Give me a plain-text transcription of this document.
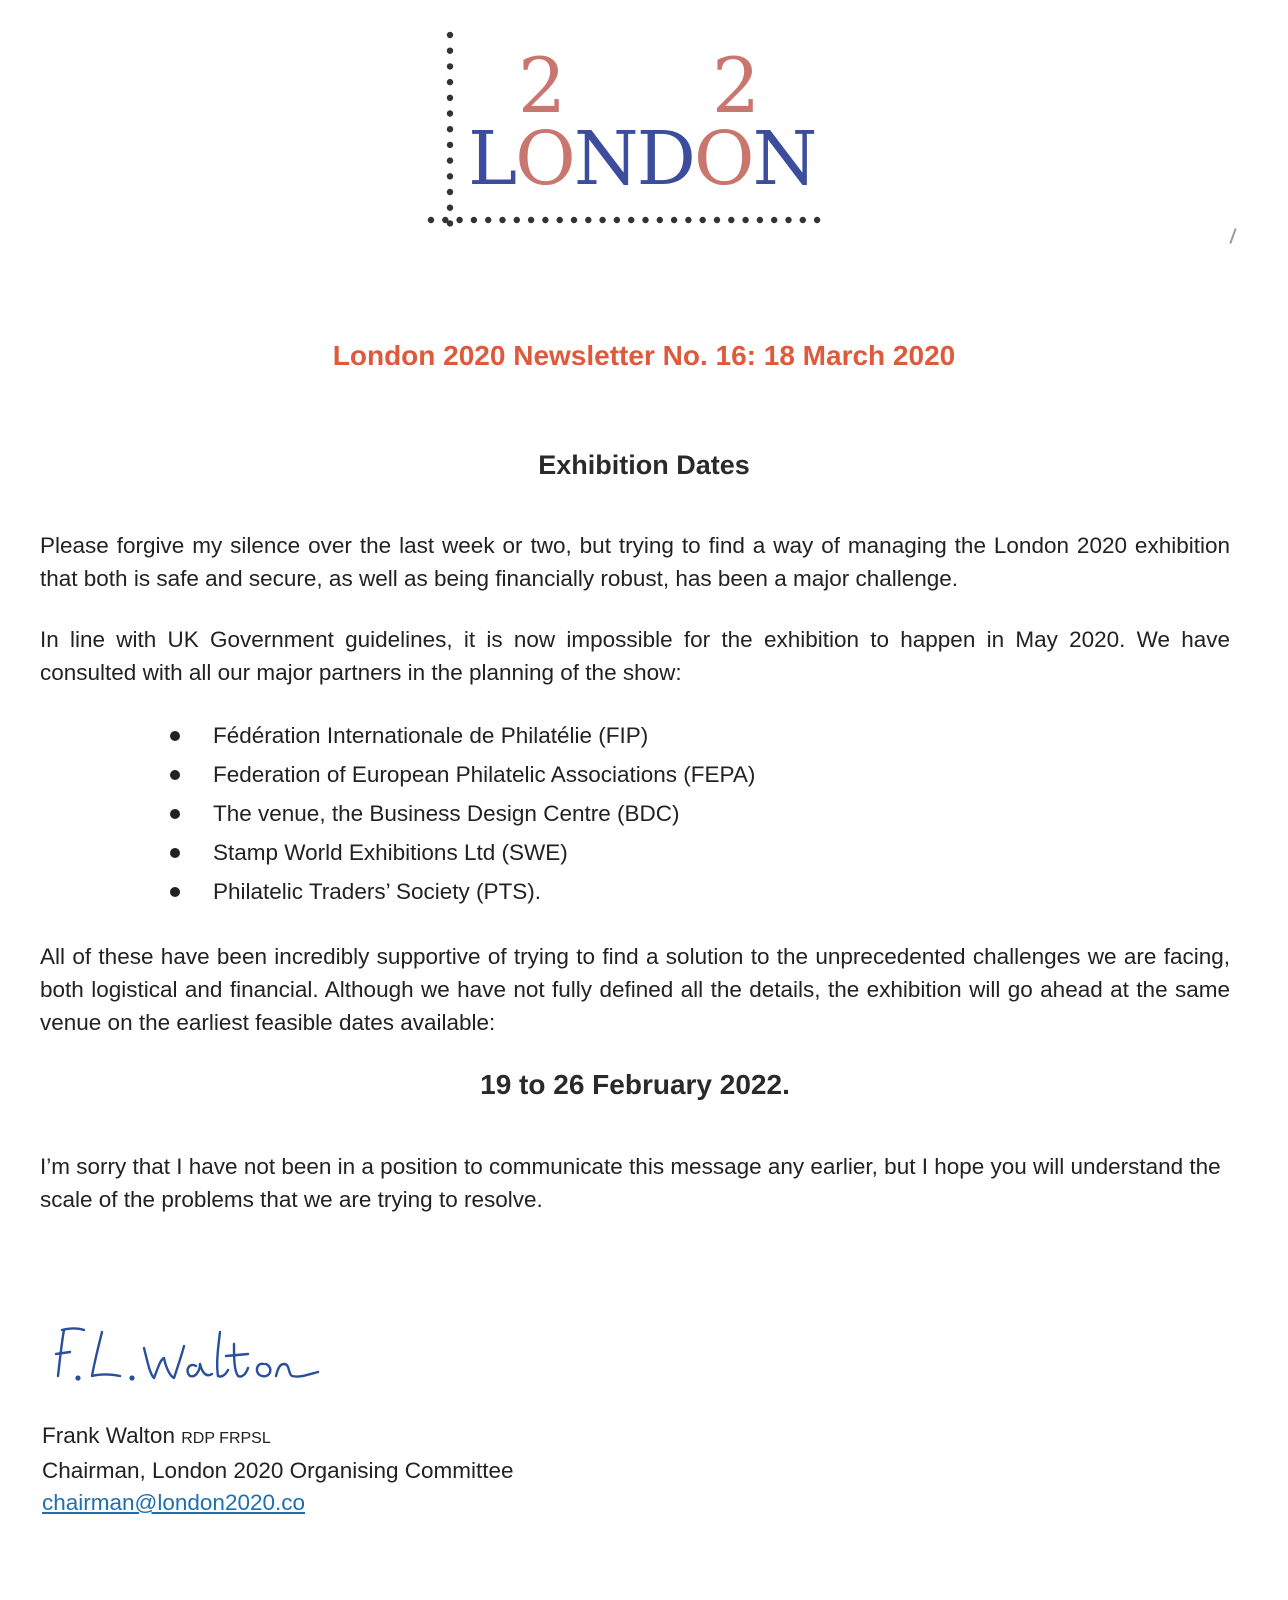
2 2
LONDON
London 2020 Newsletter No. 16: 18 March 2020
Exhibition Dates

Please forgive my silence over the last week or two, but trying to find a way of managing the London 2020 exhibition that both is safe and secure, as well as being financially robust, has been a major challenge.

In line with UK Government guidelines, it is now impossible for the exhibition to happen in May 2020. We have consulted with all our major partners in the planning of the show:

Fédération Internationale de Philatélie (FIP)
Federation of European Philatelic Associations (FEPA)
The venue, the Business Design Centre (BDC)
Stamp World Exhibitions Ltd (SWE)
Philatelic Traders’ Society (PTS).

All of these have been incredibly supportive of trying to find a solution to the unprecedented challenges we are facing, both logistical and financial. Although we have not fully defined all the details, the exhibition will go ahead at the same venue on the earliest feasible dates available:

19 to 26 February 2022.

I’m sorry that I have not been in a position to communicate this message any earlier, but I hope you will understand the scale of the problems that we are trying to resolve.

Frank Walton RDP FRPSL
Chairman, London 2020 Organising Committee
chairman@london2020.co
